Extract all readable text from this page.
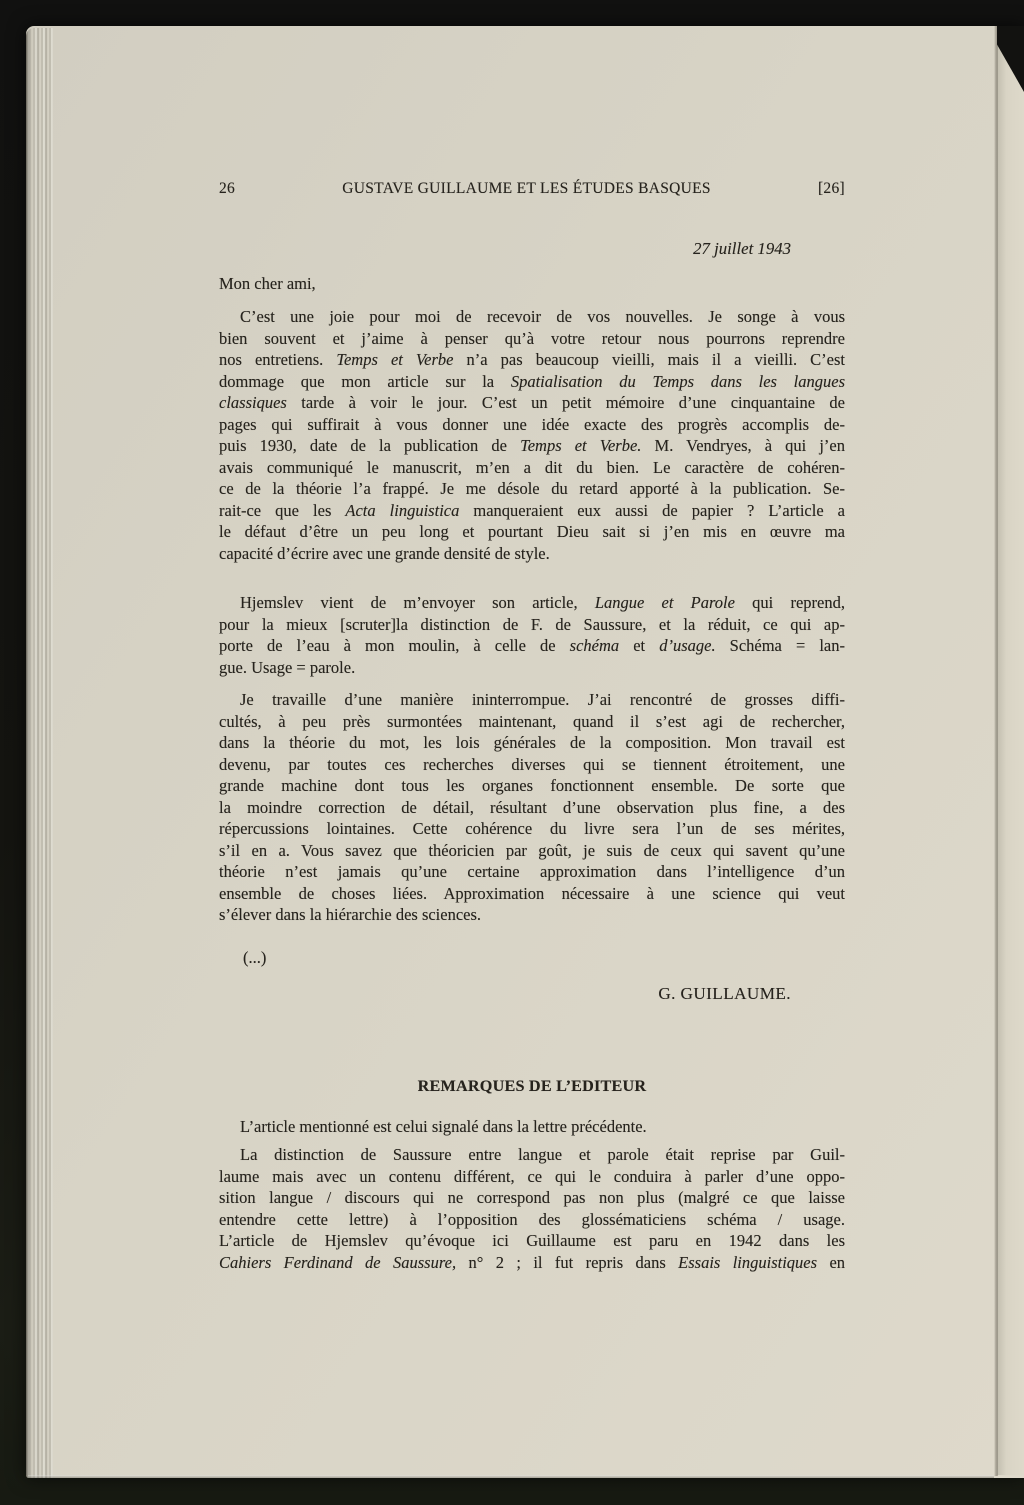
26	GUSTAVE GUILLAUME ET LES ÉTUDES BASQUES	[26]
27 juillet 1943
Mon cher ami,
C’est une joie pour moi de recevoir de vos nouvelles. Je songe à vous
bien souvent et j’aime à penser qu’à votre retour nous pourrons reprendre
nos entretiens. Temps et Verbe n’a pas beaucoup vieilli, mais il a vieilli. C’est
dommage que mon article sur la Spatialisation du Temps dans les langues
classiques tarde à voir le jour. C’est un petit mémoire d’une cinquantaine de
pages qui suffirait à vous donner une idée exacte des progrès accomplis de-
puis 1930, date de la publication de Temps et Verbe. M. Vendryes, à qui j’en
avais communiqué le manuscrit, m’en a dit du bien. Le caractère de cohéren-
ce de la théorie l’a frappé. Je me désole du retard apporté à la publication. Se-
rait-ce que les Acta linguistica manqueraient eux aussi de papier ? L’article a
le défaut d’être un peu long et pourtant Dieu sait si j’en mis en œuvre ma
capacité d’écrire avec une grande densité de style.
Hjemslev vient de m’envoyer son article, Langue et Parole qui reprend,
pour la mieux [scruter]la distinction de F. de Saussure, et la réduit, ce qui ap-
porte de l’eau à mon moulin, à celle de schéma et d’usage. Schéma = lan-
gue. Usage = parole.
Je travaille d’une manière ininterrompue. J’ai rencontré de grosses diffi-
cultés, à peu près surmontées maintenant, quand il s’est agi de rechercher,
dans la théorie du mot, les lois générales de la composition. Mon travail est
devenu, par toutes ces recherches diverses qui se tiennent étroitement, une
grande machine dont tous les organes fonctionnent ensemble. De sorte que
la moindre correction de détail, résultant d’une observation plus fine, a des
répercussions lointaines. Cette cohérence du livre sera l’un de ses mérites,
s’il en a. Vous savez que théoricien par goût, je suis de ceux qui savent qu’une
théorie n’est jamais qu’une certaine approximation dans l’intelligence d’un
ensemble de choses liées. Approximation nécessaire à une science qui veut
s’élever dans la hiérarchie des sciences.
(...)
G. GUILLAUME.
REMARQUES DE L’EDITEUR
L’article mentionné est celui signalé dans la lettre précédente.
La distinction de Saussure entre langue et parole était reprise par Guil-
laume mais avec un contenu différent, ce qui le conduira à parler d’une oppo-
sition langue / discours qui ne correspond pas non plus (malgré ce que laisse
entendre cette lettre) à l’opposition des glossématiciens schéma / usage.
L’article de Hjemslev qu’évoque ici Guillaume est paru en 1942 dans les
Cahiers Ferdinand de Saussure, n° 2 ; il fut repris dans Essais linguistiques en
